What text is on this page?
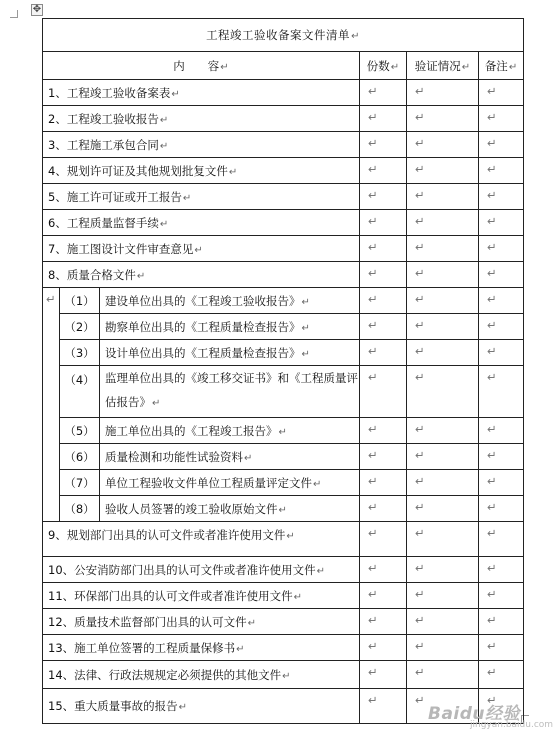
✥
工程竣工验收备案文件清单↵					
内　　容↵			份数↵	验证情况↵	备注↵
1、工程竣工验收备案表↵			↵	↵	↵
2、工程竣工验收报告↵			↵	↵	↵
3、工程施工承包合同↵			↵	↵	↵
4、规划许可证及其他规划批复文件↵			↵	↵	↵
5、施工许可证或开工报告↵			↵	↵	↵
6、工程质量监督手续↵			↵	↵	↵
7、施工图设计文件审查意见↵			↵	↵	↵
8、质量合格文件↵			↵	↵	↵
↵	（1）	建设单位出具的《工程竣工验收报告》↵	↵	↵	↵
	（2）	勘察单位出具的《工程质量检查报告》↵	↵	↵	↵
	（3）	设计单位出具的《工程质量检查报告》↵	↵	↵	↵
	（4）	监理单位出具的《竣工移交证书》和《工程质量评估报告》↵	↵	↵	↵
	（5）	施工单位出具的《工程竣工报告》↵	↵	↵	↵
	（6）	质量检测和功能性试验资料↵	↵	↵	↵
	（7）	单位工程验收文件单位工程质量评定文件↵	↵	↵	↵
	（8）	验收人员签署的竣工验收原始文件↵	↵	↵	↵
9、规划部门出具的认可文件或者准许使用文件↵			↵	↵	↵
10、公安消防部门出具的认可文件或者准许使用文件↵			↵	↵	↵
11、环保部门出具的认可文件或者准许使用文件↵			↵	↵	↵
12、质量技术监督部门出具的认可文件↵			↵	↵	↵
13、施工单位签署的工程质量保修书↵			↵	↵	↵
14、法律、行政法规规定必须提供的其他文件↵			↵	↵	↵
15、重大质量事故的报告↵			↵	↵	↵
Baidu经验
jingyan.baidu.com
